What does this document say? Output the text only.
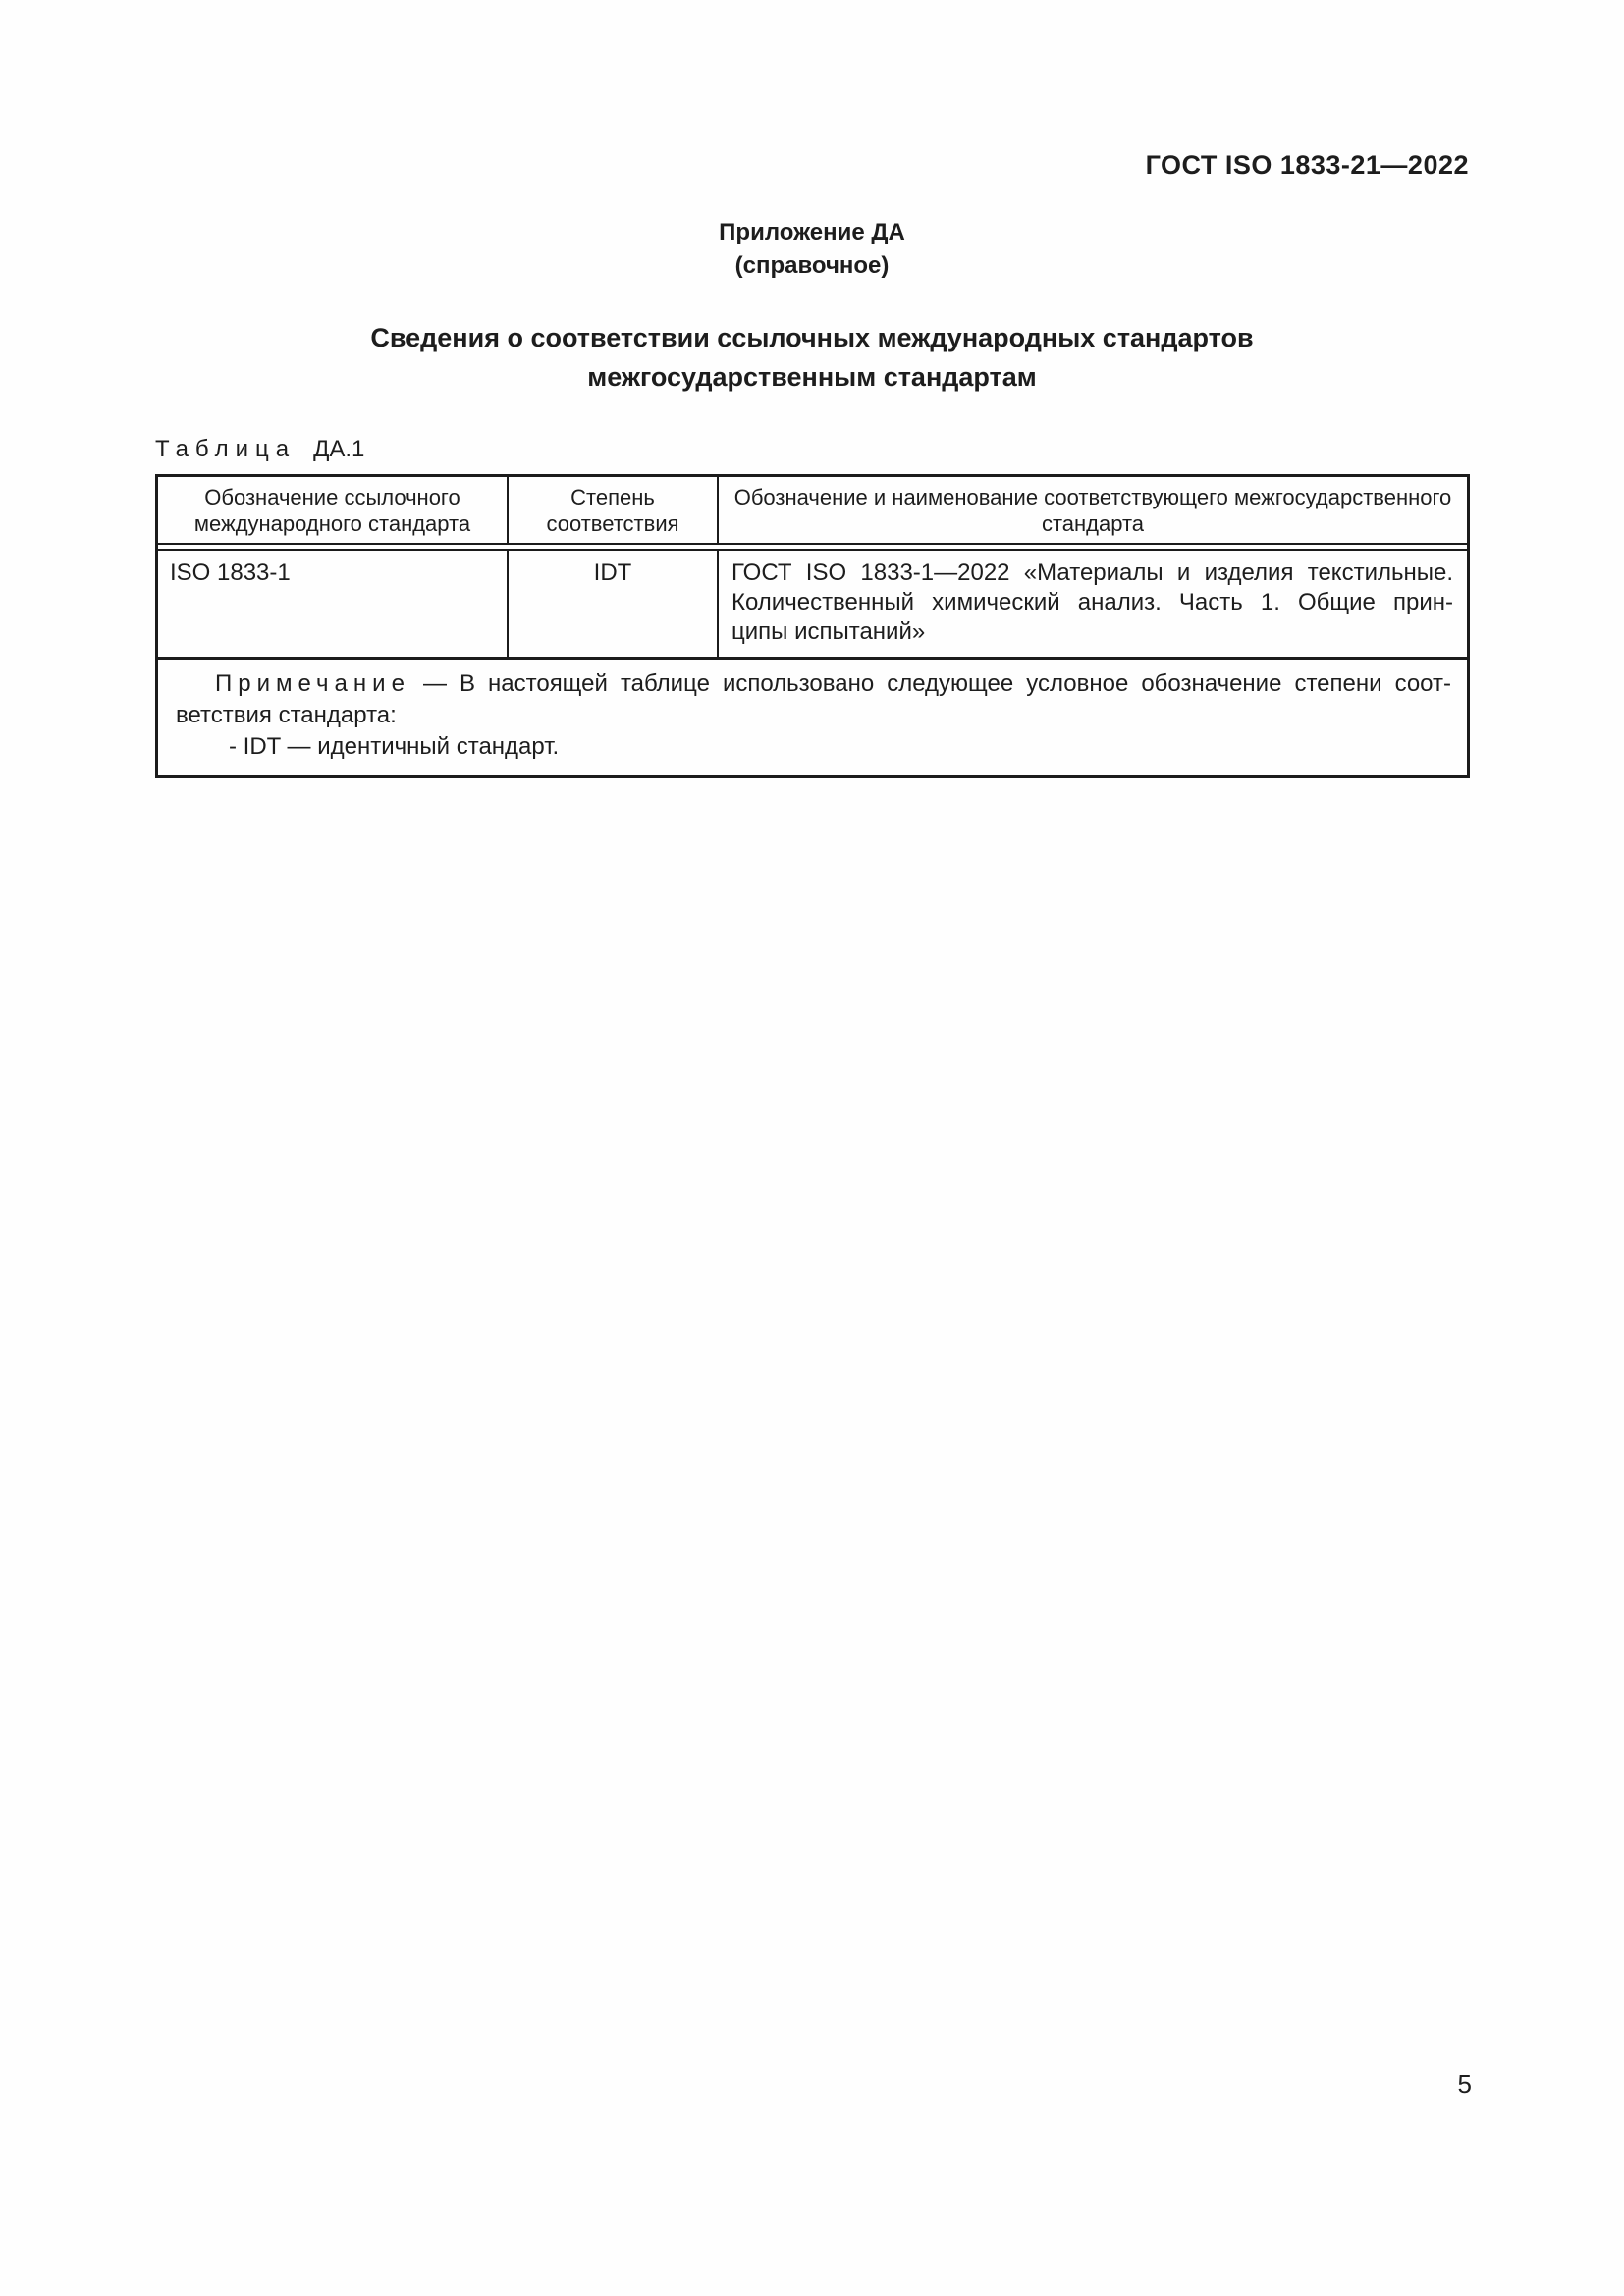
ГОСТ ISO 1833-21—2022
Приложение ДА
(справочное)
Сведения о соответствии ссылочных международных стандартов
межгосударственным стандартам
Таблица ДА.1
Обозначение ссылочного международного стандарта
Степень соответствия
Обозначение и наименование соответствующего межгосударственного стандарта
ISO 1833-1	IDT	ГОСТ ISO 1833-1—2022 «Материалы и изделия текстильные.
Количественный химический анализ. Часть 1. Общие прин-
ципы испытаний»
Примечание — В настоящей таблице использовано следующее условное обозначение степени соот-
ветствия стандарта:
- IDT — идентичный стандарт.
5
